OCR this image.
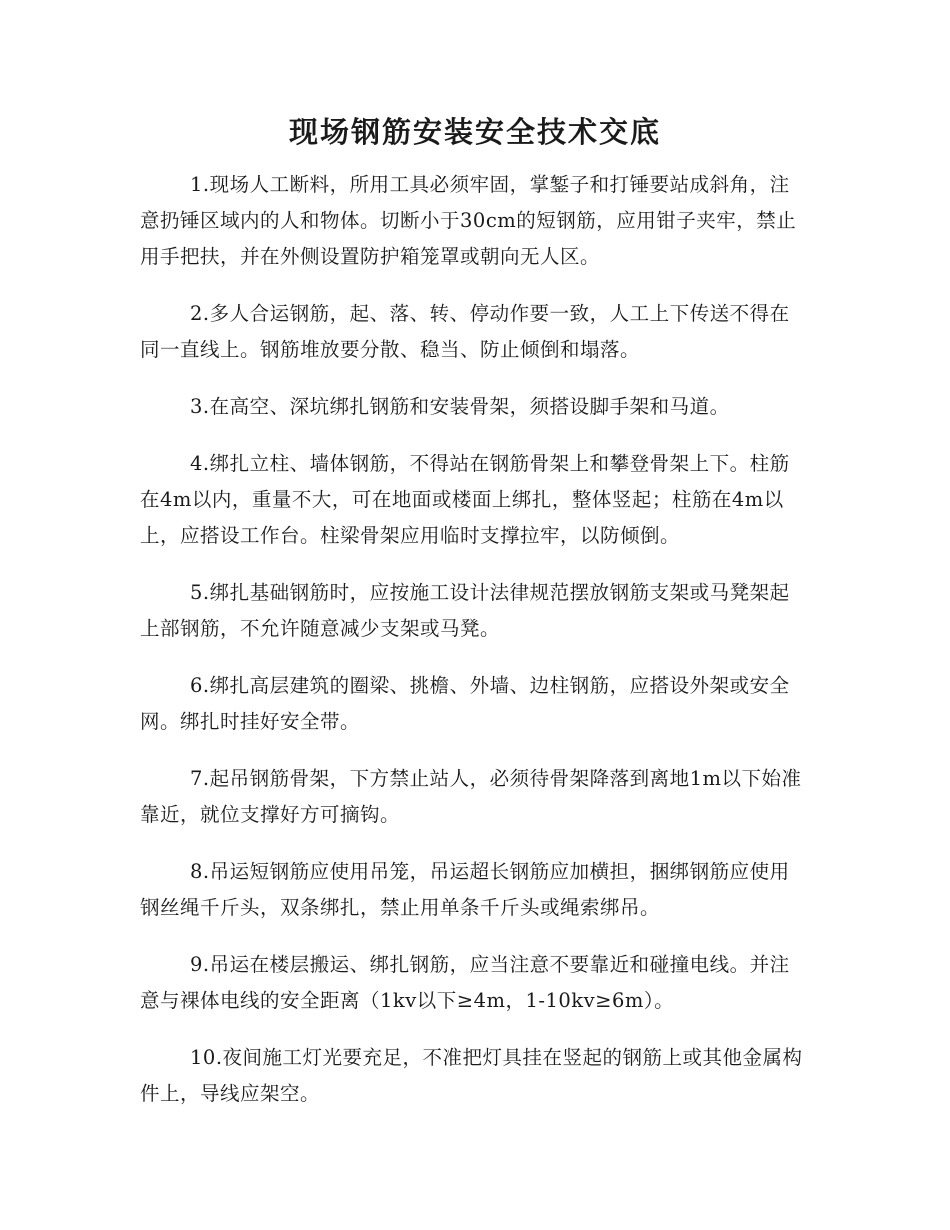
现场钢筋安装安全技术交底

1.现场人工断料，所用工具必须牢固，掌錾子和打锤要站成斜角，注意扔锤区域内的人和物体。切断小于30cm的短钢筋，应用钳子夹牢，禁止用手把扶，并在外侧设置防护箱笼罩或朝向无人区。

2.多人合运钢筋，起、落、转、停动作要一致，人工上下传送不得在同一直线上。钢筋堆放要分散、稳当、防止倾倒和塌落。

3.在高空、深坑绑扎钢筋和安装骨架，须搭设脚手架和马道。

4.绑扎立柱、墙体钢筋，不得站在钢筋骨架上和攀登骨架上下。柱筋在4m以内，重量不大，可在地面或楼面上绑扎，整体竖起；柱筋在4m以上，应搭设工作台。柱梁骨架应用临时支撑拉牢，以防倾倒。

5.绑扎基础钢筋时，应按施工设计法律规范摆放钢筋支架或马凳架起上部钢筋，不允许随意减少支架或马凳。

6.绑扎高层建筑的圈梁、挑檐、外墙、边柱钢筋，应搭设外架或安全网。绑扎时挂好安全带。

7.起吊钢筋骨架，下方禁止站人，必须待骨架降落到离地1m以下始准靠近，就位支撑好方可摘钩。

8.吊运短钢筋应使用吊笼，吊运超长钢筋应加横担，捆绑钢筋应使用钢丝绳千斤头，双条绑扎，禁止用单条千斤头或绳索绑吊。

9.吊运在楼层搬运、绑扎钢筋，应当注意不要靠近和碰撞电线。并注意与裸体电线的安全距离（1kv以下≥4m，1-10kv≥6m）。

10.夜间施工灯光要充足，不准把灯具挂在竖起的钢筋上或其他金属构件上，导线应架空。
